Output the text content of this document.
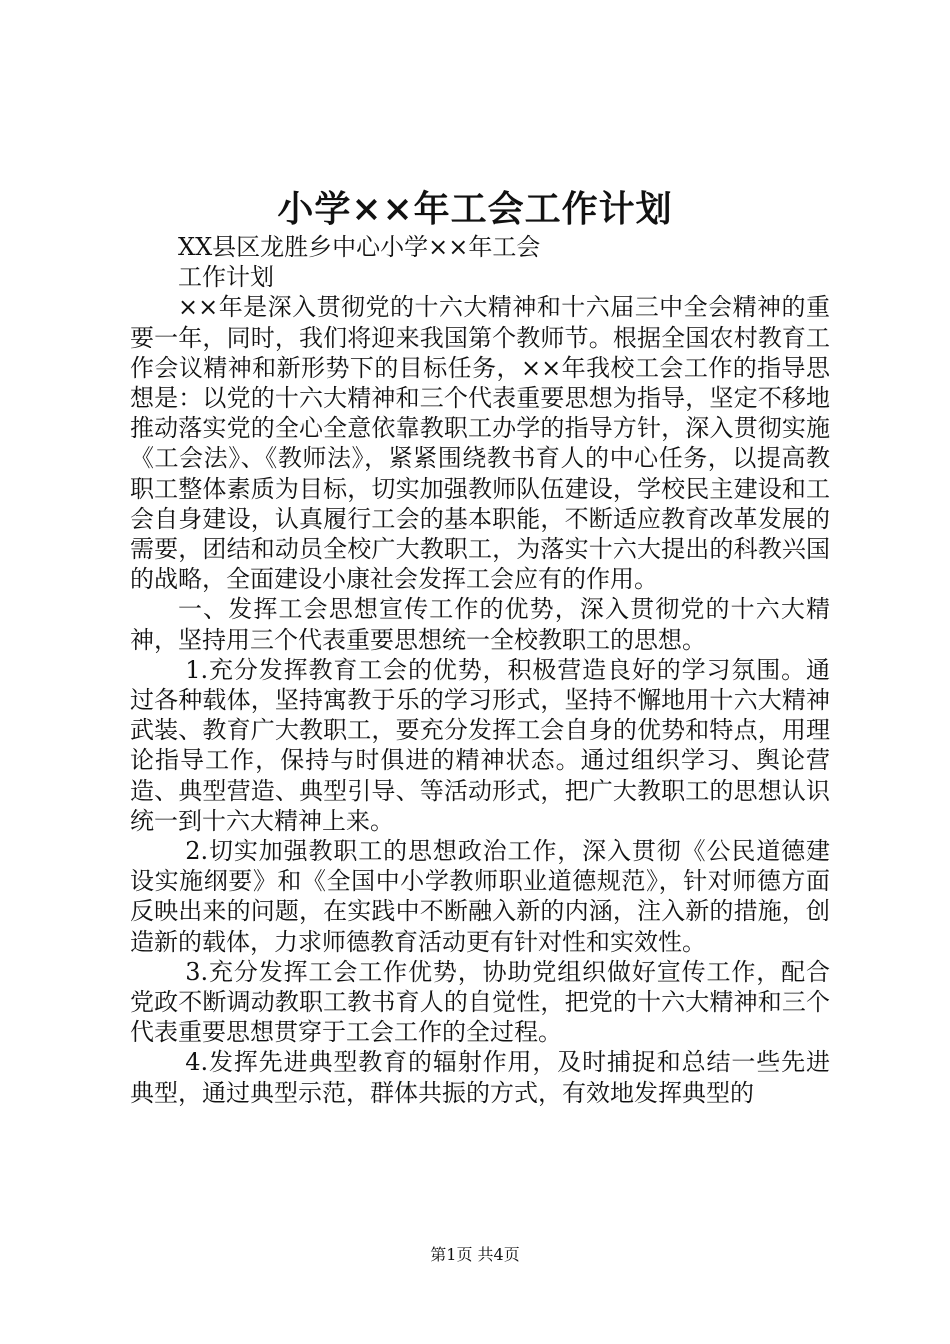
小学××年工会工作计划

XX县区龙胜乡中心小学××年工会

工作计划

××年是深入贯彻党的十六大精神和十六届三中全会精神的重要一年，同时，我们将迎来我国第个教师节。根据全国农村教育工作会议精神和新形势下的目标任务，××年我校工会工作的指导思想是：以党的十六大精神和三个代表重要思想为指导，坚定不移地推动落实党的全心全意依靠教职工办学的指导方针，深入贯彻实施《工会法》、《教师法》，紧紧围绕教书育人的中心任务，以提高教职工整体素质为目标，切实加强教师队伍建设，学校民主建设和工会自身建设，认真履行工会的基本职能，不断适应教育改革发展的需要，团结和动员全校广大教职工，为落实十六大提出的科教兴国的战略，全面建设小康社会发挥工会应有的作用。

一、发挥工会思想宣传工作的优势，深入贯彻党的十六大精神，坚持用三个代表重要思想统一全校教职工的思想。

1.充分发挥教育工会的优势，积极营造良好的学习氛围。通过各种载体，坚持寓教于乐的学习形式，坚持不懈地用十六大精神武装、教育广大教职工，要充分发挥工会自身的优势和特点，用理论指导工作，保持与时俱进的精神状态。通过组织学习、舆论营造、典型营造、典型引导、等活动形式，把广大教职工的思想认识统一到十六大精神上来。

2.切实加强教职工的思想政治工作，深入贯彻《公民道德建设实施纲要》和《全国中小学教师职业道德规范》，针对师德方面反映出来的问题，在实践中不断融入新的内涵，注入新的措施，创造新的载体，力求师德教育活动更有针对性和实效性。

3.充分发挥工会工作优势，协助党组织做好宣传工作，配合党政不断调动教职工教书育人的自觉性，把党的十六大精神和三个代表重要思想贯穿于工会工作的全过程。

4.发挥先进典型教育的辐射作用，及时捕捉和总结一些先进典型，通过典型示范，群体共振的方式，有效地发挥典型的

第1页 共4页
